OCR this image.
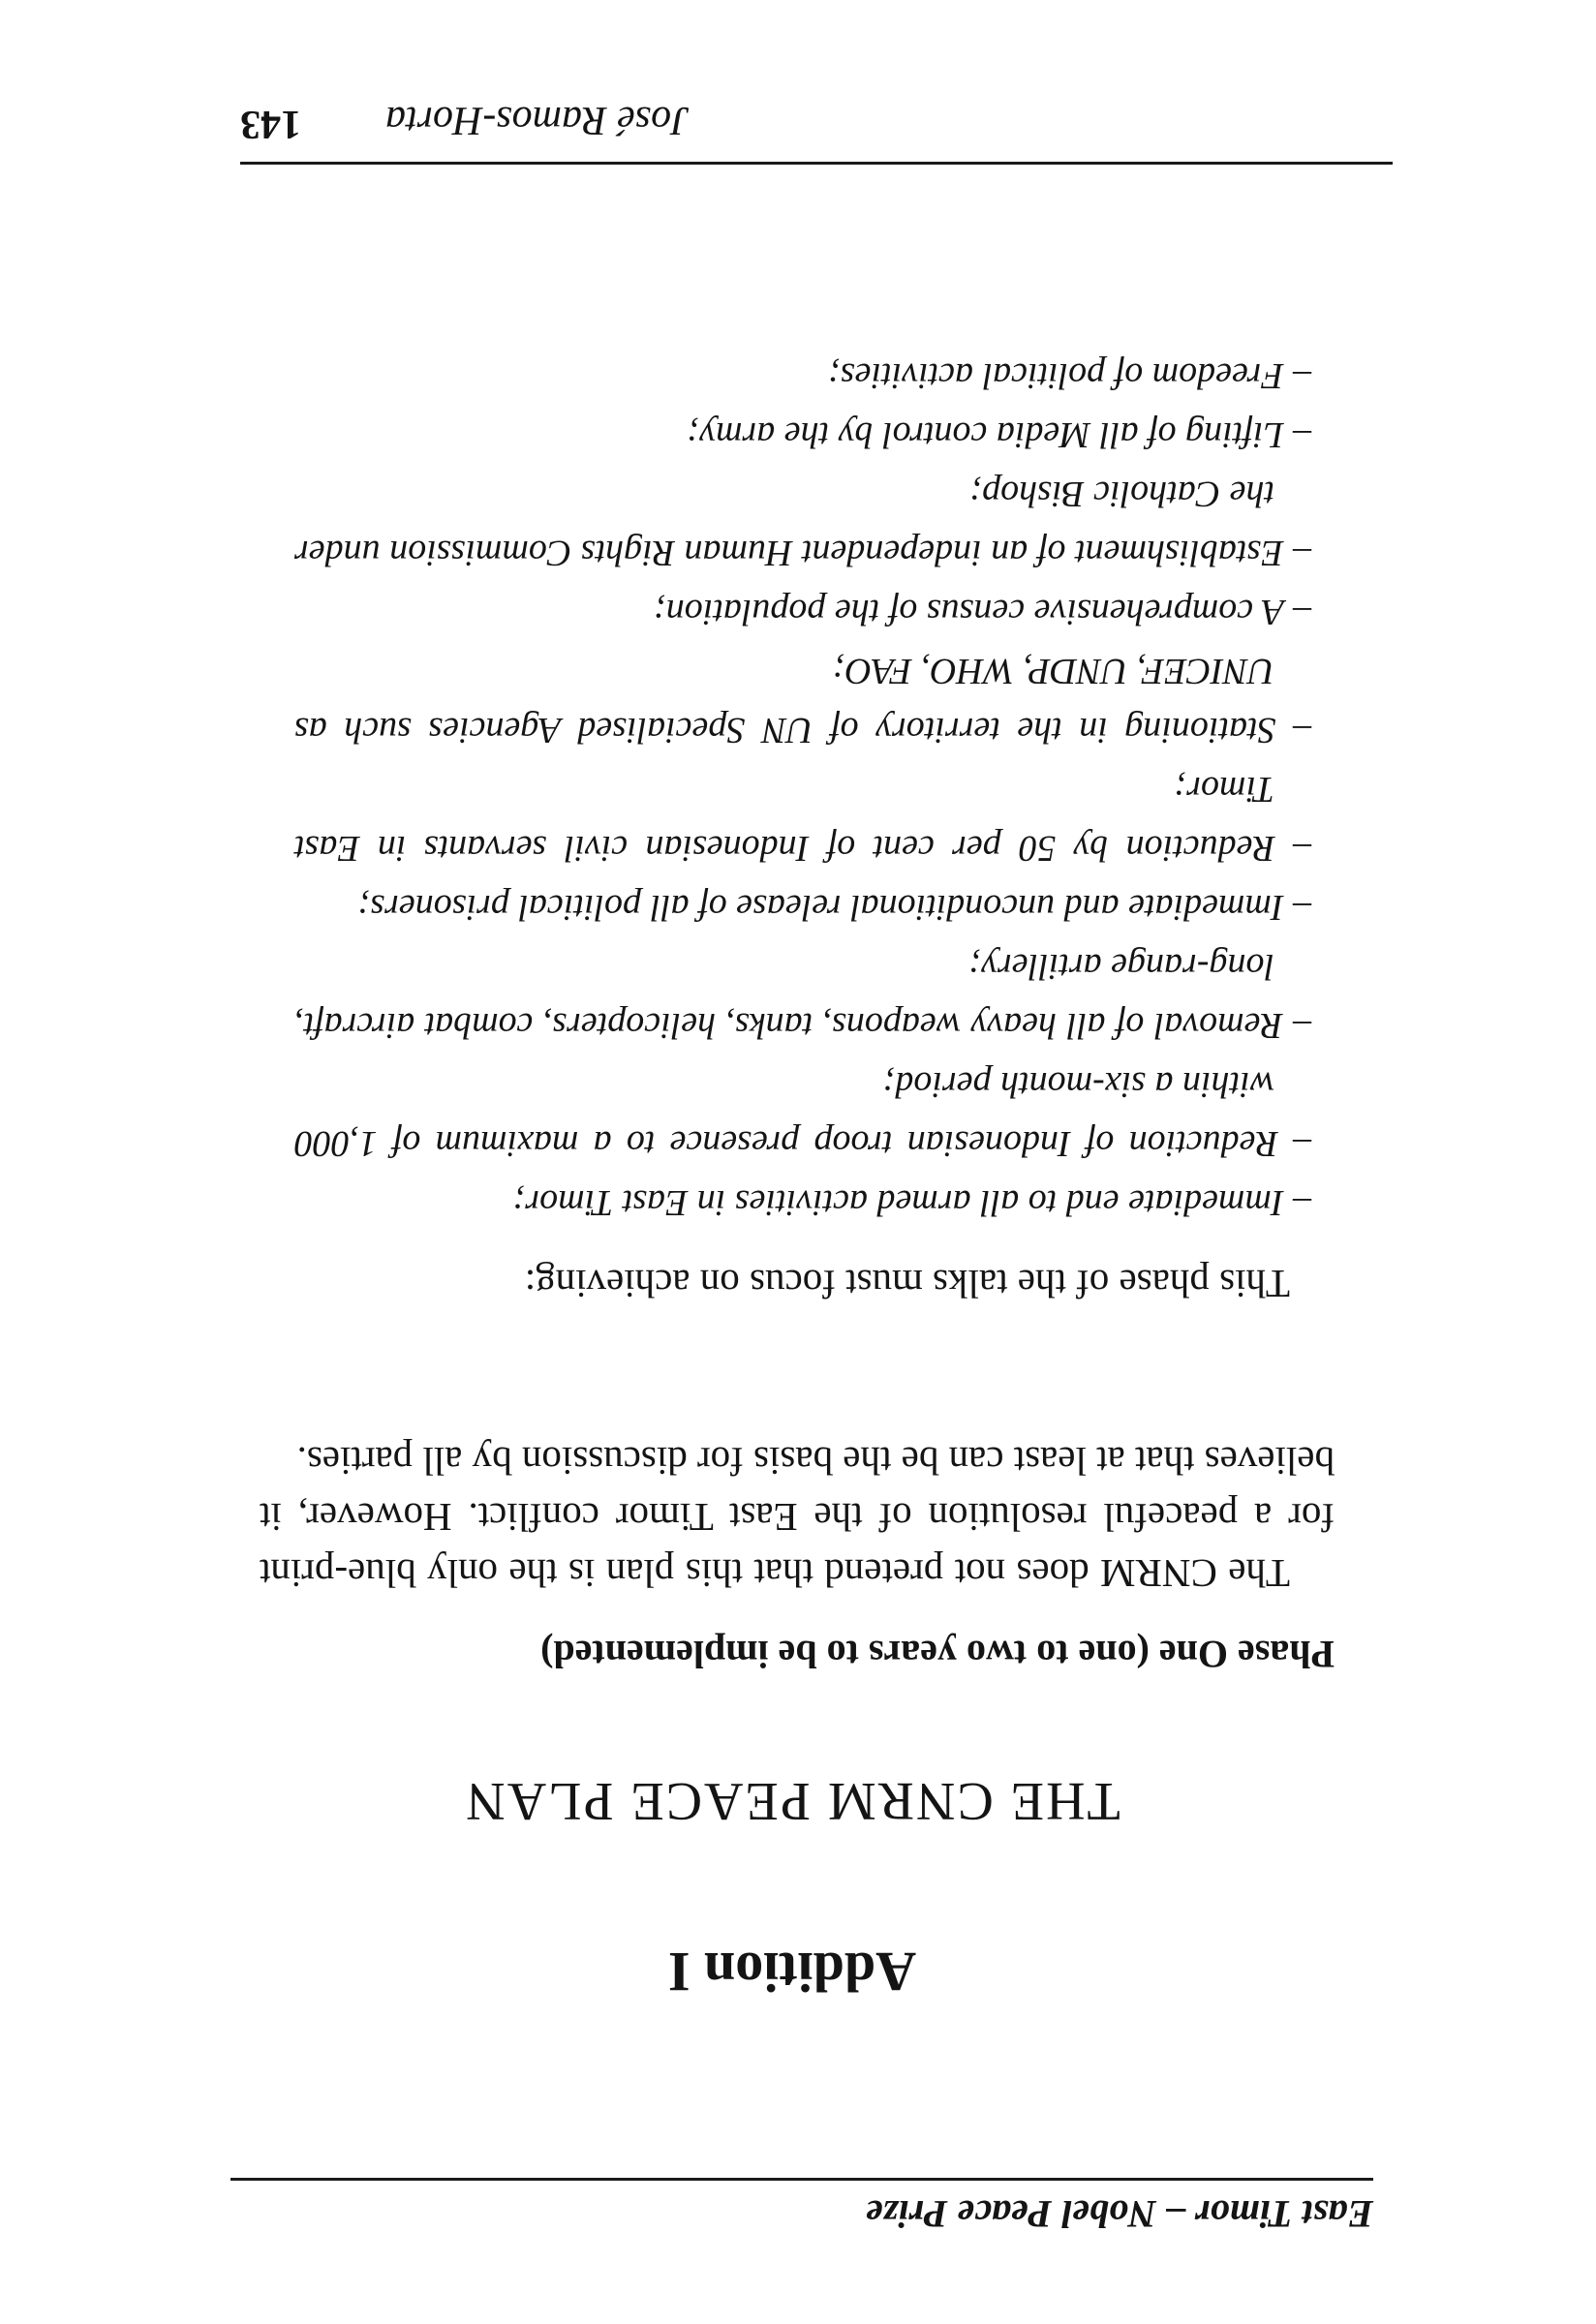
East Timor – Nobel Peace Prize
Addition I
THE CNRM PEACE PLAN
Phase One (one to two years to be implemented)

The CNRM does not pretend that this plan is the only blue-print for a peaceful resolution of the East Timor conflict. However, it believes that at least can be the basis for discussion by all parties.

This phase of the talks must focus on achieving:

– Immediate end to all armed activities in East Timor;
– Reduction of Indonesian troop presence to a maximum of 1,000 within a six-month period;
– Removal of all heavy weapons, tanks, helicopters, combat aircraft, long-range artillery;
– Immediate and unconditional release of all political prisoners;
– Reduction by 50 per cent of Indonesian civil servants in East Timor;
– Stationing in the territory of UN Specialised Agencies such as UNICEF, UNDP, WHO, FAO;
– A comprehensive census of the population;
– Establishment of an independent Human Rights Commission under the Catholic Bishop;
– Lifting of all Media control by the army;
– Freedom of political activities;
José Ramos-Horta
143
